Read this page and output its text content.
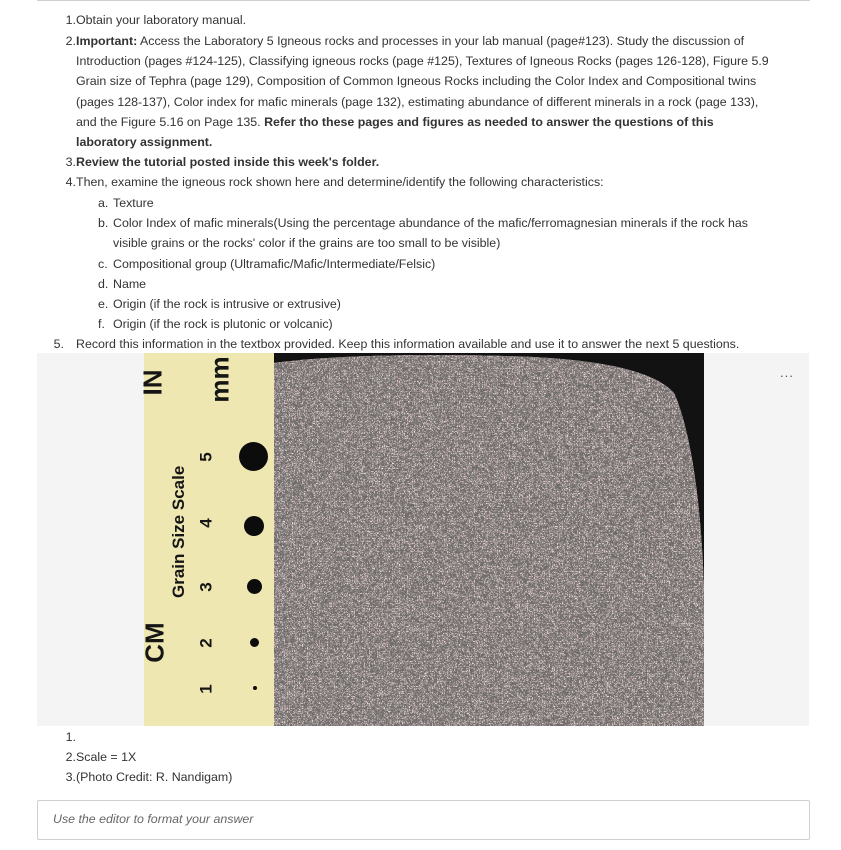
1. Obtain your laboratory manual.
2. Important: Access the Laboratory 5 Igneous rocks and processes in your lab manual (page#123). Study the discussion of
Introduction (pages #124-125), Classifying igneous rocks (page #125), Textures of Igneous Rocks (pages 126-128), Figure 5.9
Grain size of Tephra (page 129), Composition of Common Igneous Rocks including the Color Index and Compositional twins
(pages 128-137), Color index for mafic minerals (page 132), estimating abundance of different minerals in a rock (page 133),
and the Figure 5.16 on Page 135. Refer tho these pages and figures as needed to answer the questions of this
laboratory assignment.
3. Review the tutorial posted inside this week's folder.
4. Then, examine the igneous rock shown here and determine/identify the following characteristics:
a. Texture
b. Color Index of mafic minerals(Using the percentage abundance of the mafic/ferromagnesian minerals if the rock has
visible grains or the rocks' color if the grains are too small to be visible)
c. Compositional group (Ultramafic/Mafic/Intermediate/Felsic)
d. Name
e. Origin (if the rock is intrusive or extrusive)
f. Origin (if the rock is plutonic or volcanic)
5. Record this information in the textbox provided. Keep this information available and use it to answer the next 5 questions.
...
IN
CM
mm
Grain Size Scale
1
2
3
4
5
1.
2. Scale = 1X
3. (Photo Credit: R. Nandigam)
Use the editor to format your answer
